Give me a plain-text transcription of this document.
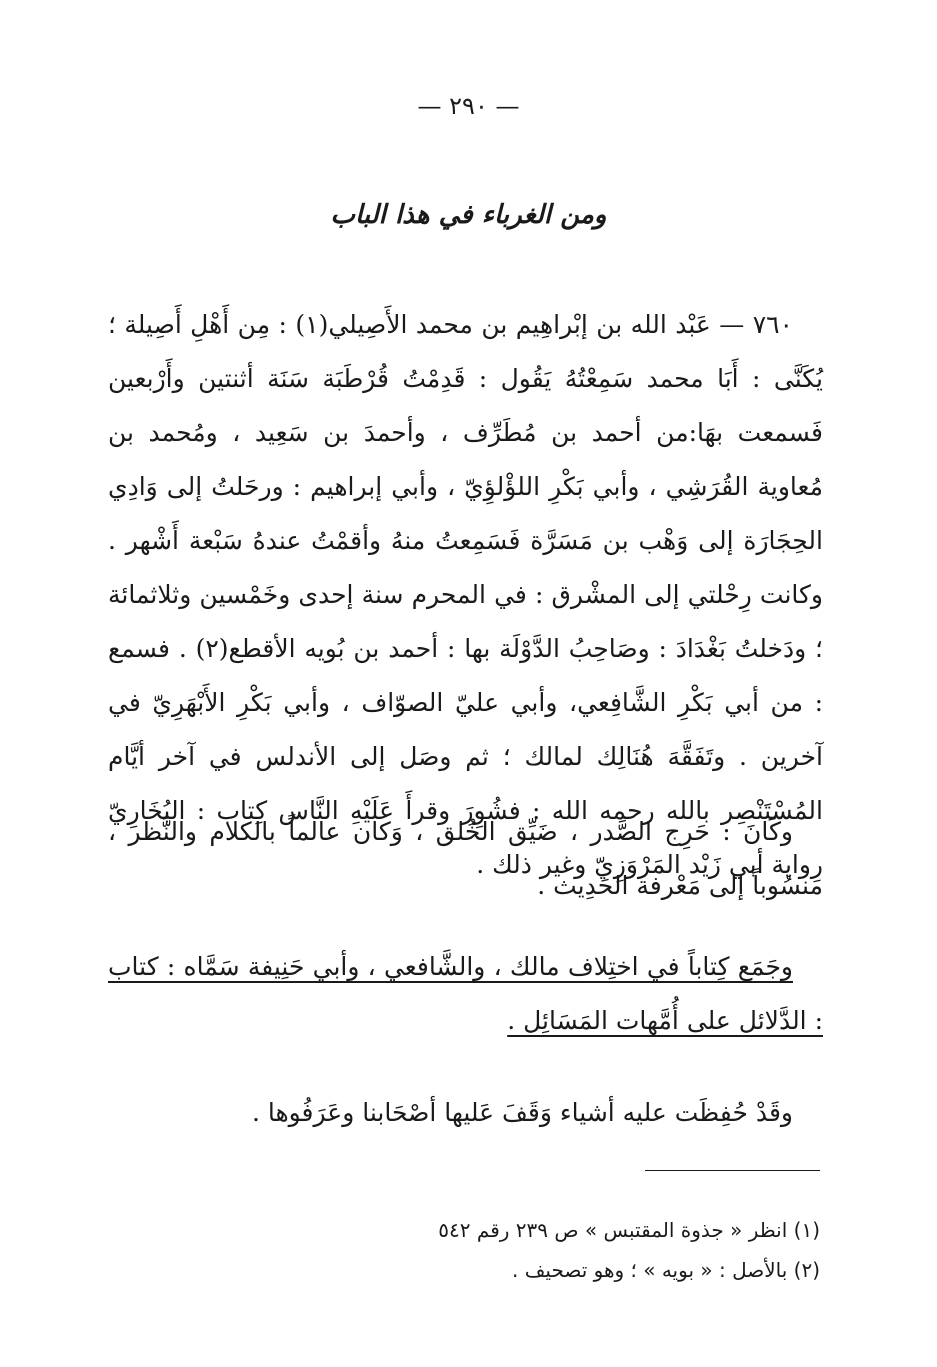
— ٢٩٠ —
ومن الغرباء في هذا الباب

٧٦٠ — عَبْد الله بن إبْراهِيم بن محمد الأَصِيلي(١) : مِن أَهْلِ أَصِيلة ؛ يُكَنَّى : أَبَا محمد سَمِعْتُهُ يَقُول : قَدِمْتُ قُرْطَبَة سَنَة أثنتين وأَرْبعين فَسمعت بهَا:من أحمد بن مُطَرِّف ، وأحمدَ بن سَعِيد ، ومُحمد بن مُعاوية القُرَشِي ، وأبي بَكْرِ اللؤْلؤِيّ ، وأبي إبراهيم : ورحَلتُ إلى وَادِي الحِجَارَة إلى وَهْب بن مَسَرَّة فَسَمِعتُ منهُ وأقمْتُ عندهُ سَبْعة أَشْهر . وكانت رِحْلتي إلى المشْرق : في المحرم سنة إحدى وخَمْسين وثلاثمائة ؛ ودَخلتُ بَغْدَادَ : وصَاحِبُ الدَّوْلَة بها : أحمد بن بُويه الأقطع(٢) . فسمع : من أبي بَكْرِ الشَّافِعي، وأبي عليّ الصوّاف ، وأبي بَكْرِ الأَبْهَرِيّ في آخرين . وتَفَقَّهَ هُنَالِك لمالك ؛ ثم وصَل إلى الأندلس في آخر أيَّام المُسْتَنْصِر بالله رحمه الله : فشُوِرَ وقرأَ عَلَيْهِ النَّاس كِتاب : البُخَارِيّ رِواية أبي زَيْد المَرْوَزِيّ وغير ذلك .

وكَانَ : حَرِج الصَّدر ، ضَيِّق الخُلق ، وَكان عالماً بالكلام والنَّظر ، منسُوباً إلى مَعْرفة الحَدِيث .

وجَمَع كِتاباً في اختِلاف مالك ، والشَّافعي ، وأبي حَنِيفة سَمَّاه : كتاب : الدَّلائل على أُمَّهات المَسَائِل .

وقَدْ حُفِظَت عليه أشياء وَقَفَ عَليها أصْحَابنا وعَرَفُوها .

(١) انظر « جذوة المقتبس » ص ٢٣٩ رقم ٥٤٢
(٢) بالأصل : « بويه » ؛ وهو تصحيف .
